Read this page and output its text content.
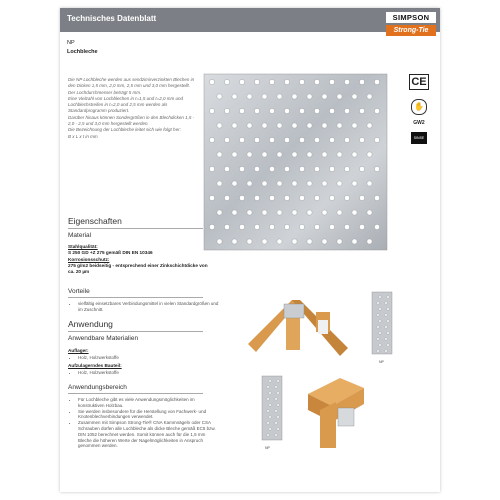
Technisches Datenblatt	SIMPSON
Strong-Tie
NP
Lochbleche

Die NP Lochbleche werden aus sendzimirverzinkten Blechen in den Dicken 1,5 mm, 2,0 mm, 2,5 mm und 3,0 mm hergestellt.

Der Lochdurchmesser beträgt 5 mm.

Eine Vielzahl von Lochblechen in t=1,5 und t=2,0 mm und Lochblechstreifen in t=2,0 und 2,5 mm werden als Standardprogramm produziert.

Darüber hinaus können Sondergrößen in den Blechdicken 1,5 - 2,0 - 2,5 und 3,0 mm hergestellt werden.

Die Bezeichnung der Lochbleche leitet sich wie folgt her:

B x L x t in mm

CE
✋
GW2
SINSE
Eigenschaften
Material
Stahlqualität:
S 250 GD +Z 275 gemäß DIN EN 10346
Korrosionsschutz:
275 g/m2 beidseitig - entsprechend einer Zinkschichtdicke von ca. 20 µm
Vorteile
• vielfältig einsetzbares Verbindungsmittel in vielen Standardgrößen und im Zuschnitt.
Anwendung
Anwendbare Materialien
Auflager:
• Holz, Holzwerkstoffe
Aufzulagerndes Bauteil:
• Holz, Holzwerkstoffe
Anwendungsbereich
• Für Lochbleche gibt es viele Anwendungsmöglichkeiten im konstruktiven Holzbau.
• Sie werden insbesondere für die Herstellung von Fachwerk- und Knotenblechverbindungen verwendet.
• Zusammen mit Simpson Strong-Tie® CNA Kammnägeln oder CSA Schrauben dürfen alle Lochbleche als dicke Bleche gemäß EC5 bzw. DIN 1052 berechnet werden. Somit können auch für die 1,5 mm Bleche die höheren Werte der Nagelmöglichkeiten in Anspruch genommen werden.
NP
NP
